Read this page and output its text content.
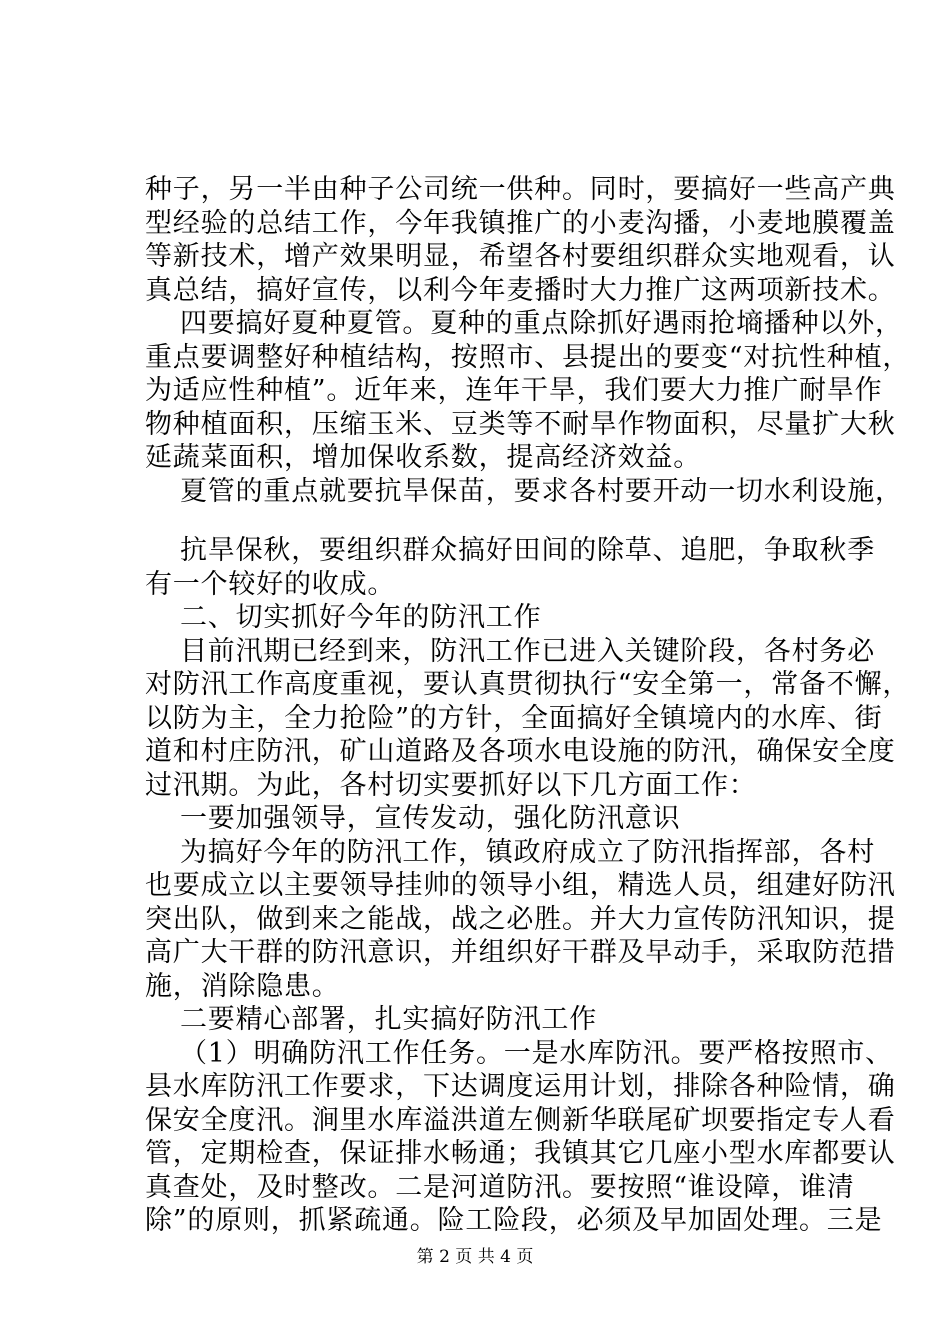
种子，另一半由种子公司统一供种。同时，要搞好一些高产典
型经验的总结工作，今年我镇推广的小麦沟播，小麦地膜覆盖
等新技术，增产效果明显，希望各村要组织群众实地观看，认
真总结，搞好宣传，以利今年麦播时大力推广这两项新技术。
四要搞好夏种夏管。夏种的重点除抓好遇雨抢墒播种以外，
重点要调整好种植结构，按照市、县提出的要变“对抗性种植，
为适应性种植”。近年来，连年干旱，我们要大力推广耐旱作
物种植面积，压缩玉米、豆类等不耐旱作物面积，尽量扩大秋
延蔬菜面积，增加保收系数，提高经济效益。
夏管的重点就要抗旱保苗，要求各村要开动一切水利设施，
抗旱保秋，要组织群众搞好田间的除草、追肥，争取秋季
有一个较好的收成。
二、切实抓好今年的防汛工作
目前汛期已经到来，防汛工作已进入关键阶段，各村务必
对防汛工作高度重视，要认真贯彻执行“安全第一，常备不懈，
以防为主，全力抢险”的方针，全面搞好全镇境内的水库、街
道和村庄防汛，矿山道路及各项水电设施的防汛，确保安全度
过汛期。为此，各村切实要抓好以下几方面工作：
一要加强领导，宣传发动，强化防汛意识
为搞好今年的防汛工作，镇政府成立了防汛指挥部，各村
也要成立以主要领导挂帅的领导小组，精选人员，组建好防汛
突出队，做到来之能战，战之必胜。并大力宣传防汛知识，提
高广大干群的防汛意识，并组织好干群及早动手，采取防范措
施，消除隐患。
二要精心部署，扎实搞好防汛工作
（1）明确防汛工作任务。一是水库防汛。要严格按照市、
县水库防汛工作要求，下达调度运用计划，排除各种险情，确
保安全度汛。涧里水库溢洪道左侧新华联尾矿坝要指定专人看
管，定期检查，保证排水畅通；我镇其它几座小型水库都要认
真查处，及时整改。二是河道防汛。要按照“谁设障，谁清
除”的原则，抓紧疏通。险工险段，必须及早加固处理。三是
第 2 页 共 4 页
